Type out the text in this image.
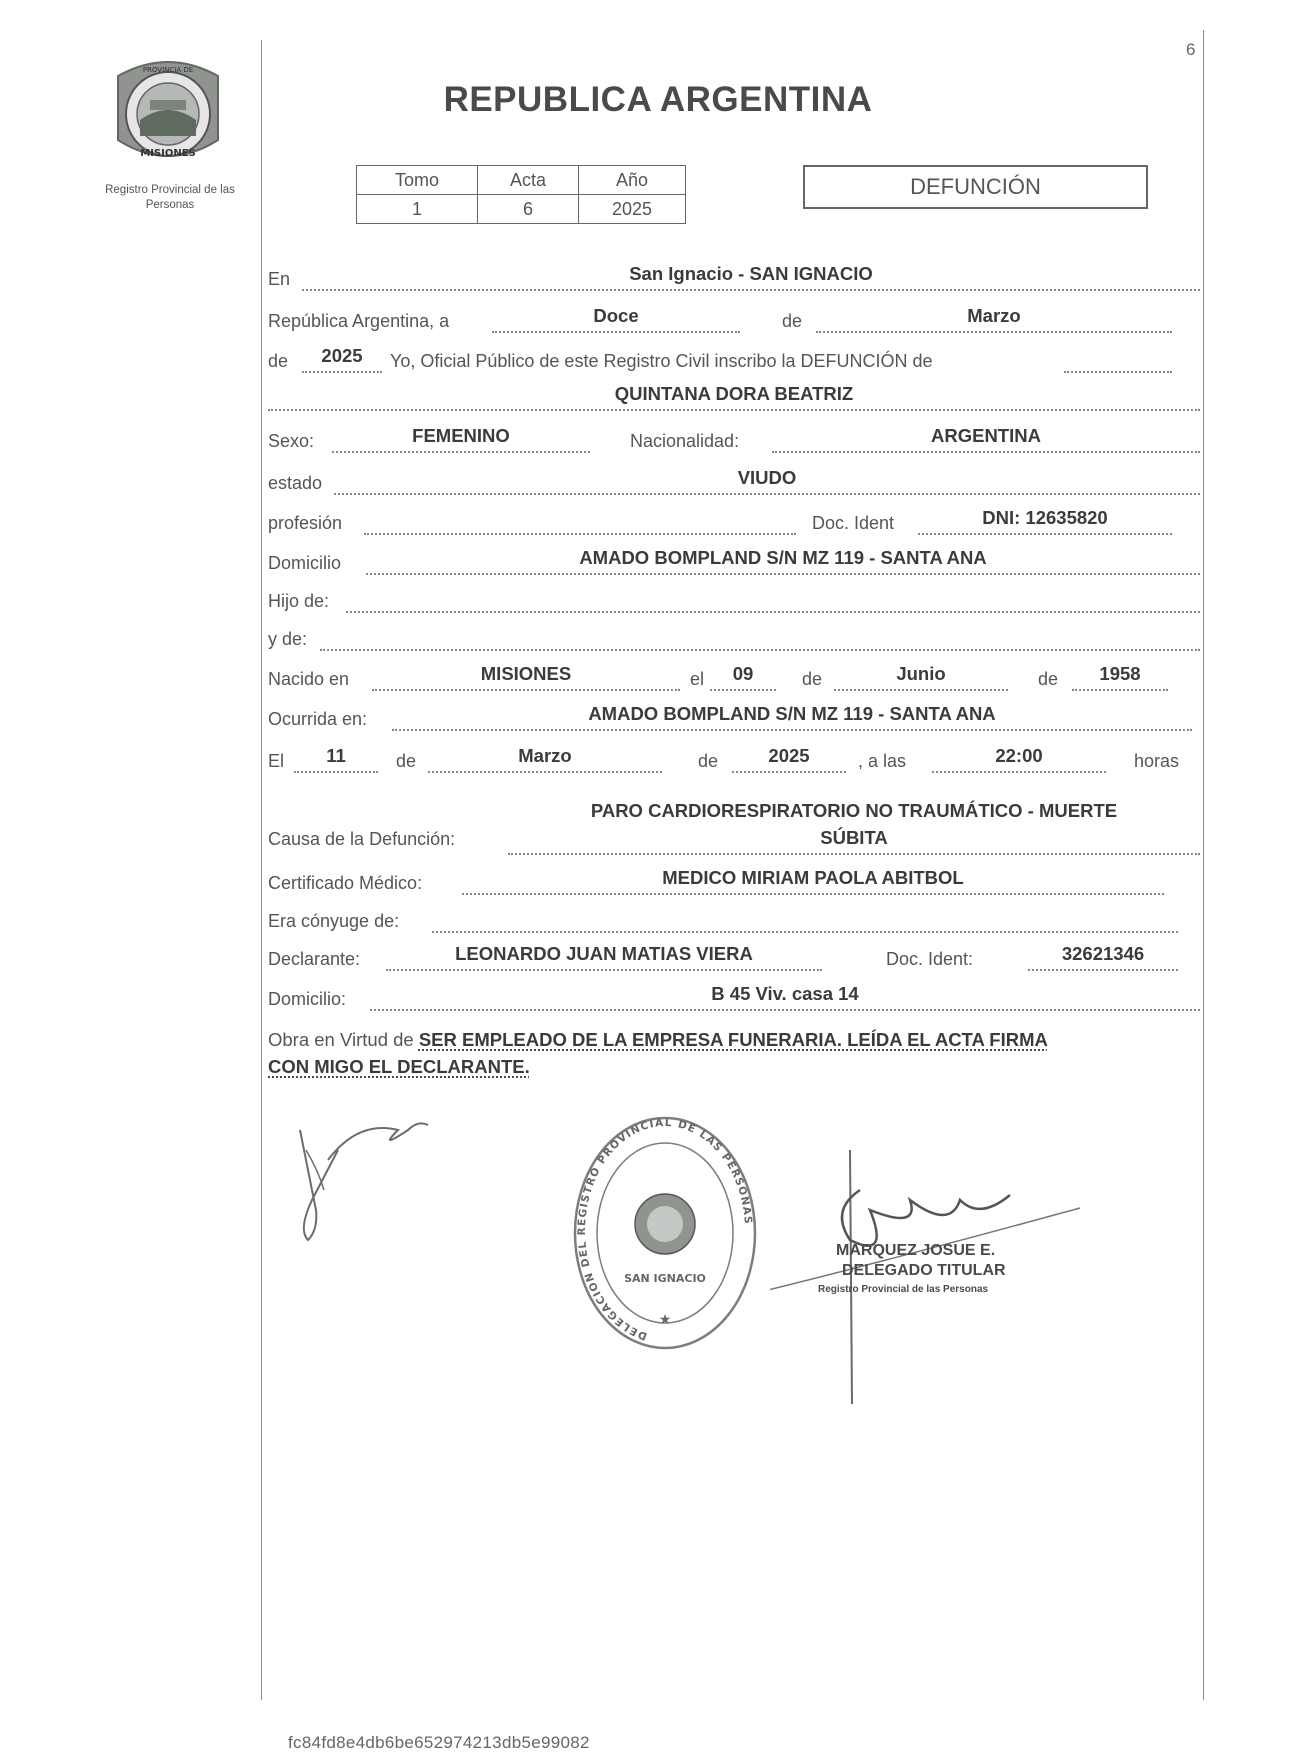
PROVINCIA DE
MISIONES
Registro Provincial de las Personas
6
REPUBLICA ARGENTINA
Tomo	Acta	Año
1	6	2025
DEFUNCIÓN
En	San Ignacio - SAN IGNACIO
República Argentina, a	Doce	de	Marzo
de	2025	Yo, Oficial Público de este Registro Civil inscribo la DEFUNCIÓN de
QUINTANA DORA BEATRIZ
Sexo:	FEMENINO	Nacionalidad:	ARGENTINA
estado	VIUDO
profesión	Doc. Ident	DNI: 12635820
Domicilio	AMADO BOMPLAND S/N MZ 119 - SANTA ANA
Hijo de:
y de:
Nacido en	MISIONES	el	09	de	Junio	de	1958
Ocurrida en:	AMADO BOMPLAND S/N MZ 119 - SANTA ANA
El	11	de	Marzo	de	2025	, a las	22:00	horas
Causa de la Defunción:
PARO CARDIORESPIRATORIO NO TRAUMÁTICO - MUERTE
SÚBITA
Certificado Médico:	MEDICO MIRIAM PAOLA ABITBOL
Era cónyuge de:
Declarante:	LEONARDO JUAN MATIAS VIERA	Doc. Ident:	32621346
Domicilio:	B 45 Viv. casa 14
Obra en Virtud de SER EMPLEADO DE LA EMPRESA FUNERARIA. LEÍDA EL ACTA FIRMA
CON MIGO EL DECLARANTE.
DELEGACION DEL REGISTRO PROVINCIAL DE LAS PERSONAS
SAN IGNACIO
★
MARQUEZ JOSUE E.
DELEGADO TITULAR
Registro Provincial de las Personas
fc84fd8e4db6be652974213db5e99082
